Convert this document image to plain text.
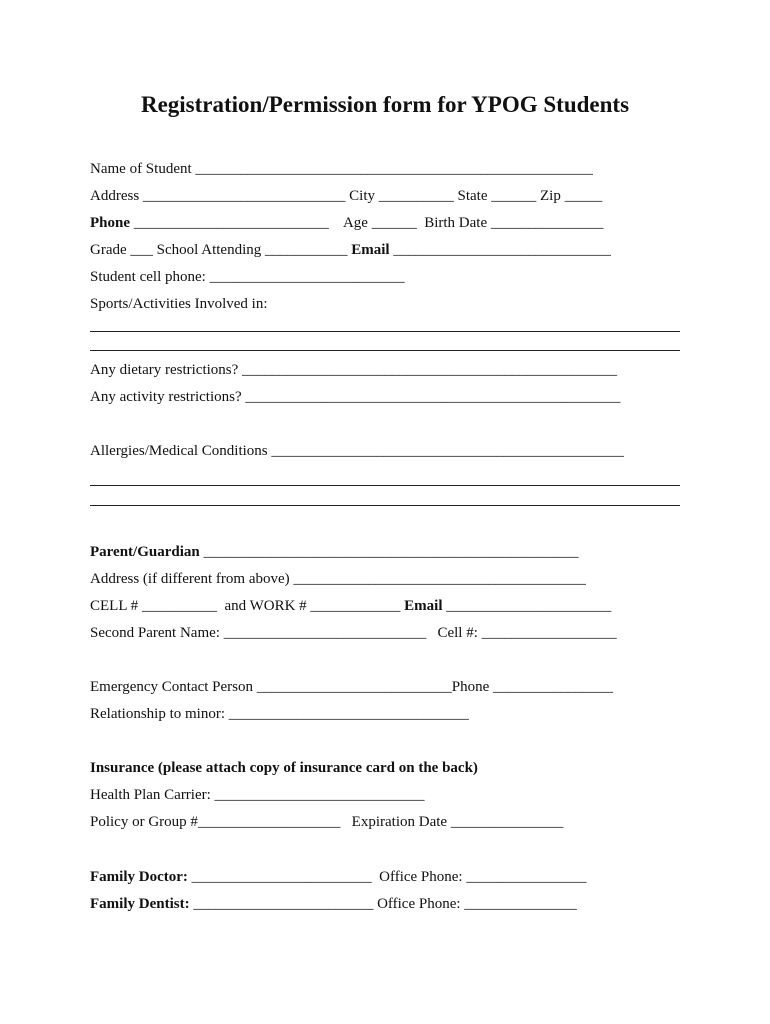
Registration/Permission form for YPOG Students
Name of Student _____________________________________________________
Address ___________________________ City __________ State ______ Zip _____
Phone __________________________ Age ______ Birth Date _______________
Grade ___ School Attending ___________ Email _____________________________
Student cell phone: __________________________
Sports/Activities Involved in:
Any dietary restrictions? __________________________________________________
Any activity restrictions? __________________________________________________
Allergies/Medical Conditions _______________________________________________
Parent/Guardian __________________________________________________
Address (if different from above) _______________________________________
CELL # __________ and WORK # ____________ Email ______________________
Second Parent Name: ___________________________ Cell #: __________________
Emergency Contact Person __________________________Phone ________________
Relationship to minor: ________________________________
Insurance (please attach copy of insurance card on the back)
Health Plan Carrier: ____________________________
Policy or Group #___________________ Expiration Date _______________
Family Doctor: ________________________ Office Phone: ________________
Family Dentist: ________________________ Office Phone: _______________
